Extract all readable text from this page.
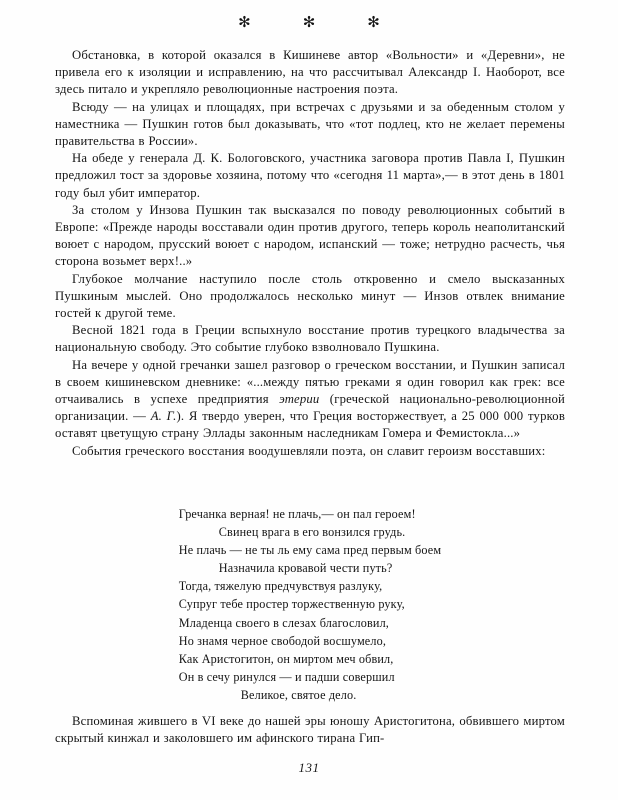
✻	✻	✻

Обстановка, в которой оказался в Кишиневе автор «Вольности» и «Деревни», не привела его к изоляции и исправлению, на что рассчитывал Александр I. Наоборот, все здесь питало и укрепляло революционные настроения поэта.

Всюду — на улицах и площадях, при встречах с друзьями и за обеденным столом у наместника — Пушкин готов был доказывать, что «тот подлец, кто не желает перемены правительства в России».

На обеде у генерала Д. К. Бологовского, участника заговора против Павла I, Пушкин предложил тост за здоровье хозяина, потому что «сегодня 11 марта»,— в этот день в 1801 году был убит император.

За столом у Инзова Пушкин так высказался по поводу революционных событий в Европе: «Прежде народы восставали один против другого, теперь король неаполитанский воюет с народом, прусский воюет с народом, испанский — тоже; нетрудно расчесть, чья сторона возьмет верх!..»

Глубокое молчание наступило после столь откровенно и смело высказанных Пушкиным мыслей. Оно продолжалось несколько минут — Инзов отвлек внимание гостей к другой теме.

Весной 1821 года в Греции вспыхнуло восстание против турецкого владычества за национальную свободу. Это событие глубоко взволновало Пушкина.

На вечере у одной гречанки зашел разговор о греческом восстании, и Пушкин записал в своем кишиневском дневнике: «...между пятью греками я один говорил как грек: все отчаивались в успехе предприятия этерии (греческой национально-революционной организации. — А. Г.). Я твердо уверен, что Греция восторжествует, а 25 000 000 турков оставят цветущую страну Эллады законным наследникам Гомера и Фемистокла...»

События греческого восстания воодушевляли поэта, он славит героизм восставших:

Гречанка верная! не плачь,— он пал героем!

Свинец врага в его вонзился грудь.

Не плачь — не ты ль ему сама пред первым боем

Назначила кровавой чести путь?

Тогда, тяжелую предчувствуя разлуку,

Супруг тебе простер торжественную руку,

Младенца своего в слезах благословил,

Но знамя черное свободой восшумело,

Как Аристогитон, он миртом меч обвил,

Он в сечу ринулся — и падши совершил

Великое, святое дело.

Вспоминая жившего в VI веке до нашей эры юношу Аристогитона, обвившего миртом скрытый кинжал и заколовшего им афинского тирана Гип-

131
